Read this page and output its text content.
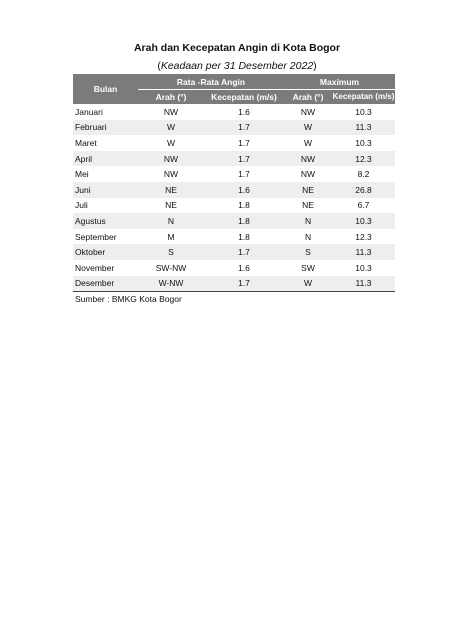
Arah dan Kecepatan Angin di Kota Bogor
(Keadaan per 31 Desember 2022)
Bulan	Rata -Rata Angin		Maximum	
	Arah (°)	Kecepatan (m/s)	Arah (°)	Kecepatan (m/s)
Januari	NW	1.6	NW	10.3
Februari	W	1.7	W	11.3
Maret	W	1.7	W	10.3
April	NW	1.7	NW	12.3
Mei	NW	1.7	NW	8.2
Juni	NE	1.6	NE	26.8
Juli	NE	1.8	NE	6.7
Agustus	N	1.8	N	10.3
September	M	1.8	N	12.3
Oktober	S	1.7	S	11.3
November	SW-NW	1.6	SW	10.3
Desember	W-NW	1.7	W	11.3
Sumber : BMKG Kota Bogor
